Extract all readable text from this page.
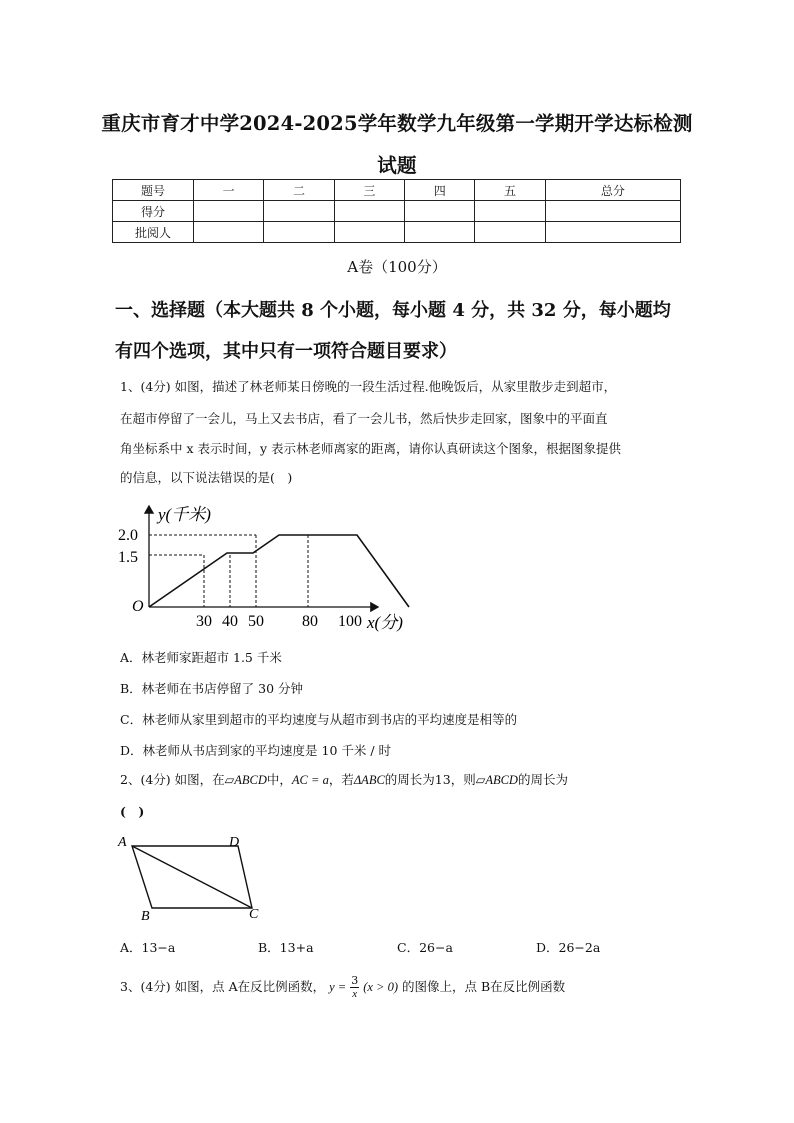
重庆市育才中学2024-2025学年数学九年级第一学期开学达标检测
试题
题号	一	二	三	四	五	总分
得分						
批阅人						
A卷（100分）
一、选择题（本大题共 8 个小题，每小题 4 分，共 32 分，每小题均
有四个选项，其中只有一项符合题目要求）
1、(4分) 如图，描述了林老师某日傍晚的一段生活过程.他晚饭后，从家里散步走到超市，
在超市停留了一会儿，马上又去书店，看了一会儿书，然后快步走回家，图象中的平面直
角坐标系中 x 表示时间，y 表示林老师离家的距离，请你认真研读这个图象，根据图象提供
的信息，以下说法错误的是(　)
y(千米)
2.0
1.5
O
30 40 50 80 100 x(分)
A．林老师家距超市 1.5 千米
B．林老师在书店停留了 30 分钟
C．林老师从家里到超市的平均速度与从超市到书店的平均速度是相等的
D．林老师从书店到家的平均速度是 10 千米 / 时
2、(4分) 如图，在▱ABCD中，AC = a，若ΔABC的周长为13，则▱ABCD的周长为
(　)
A	D
B	C
A．13−a	B．13+a	C．26−a	D．26−2a
3、(4分) 如图，点 A在反比例函数， $y = \frac{3}{x} (x > 0)$ 的图像上，点 B在反比例函数
